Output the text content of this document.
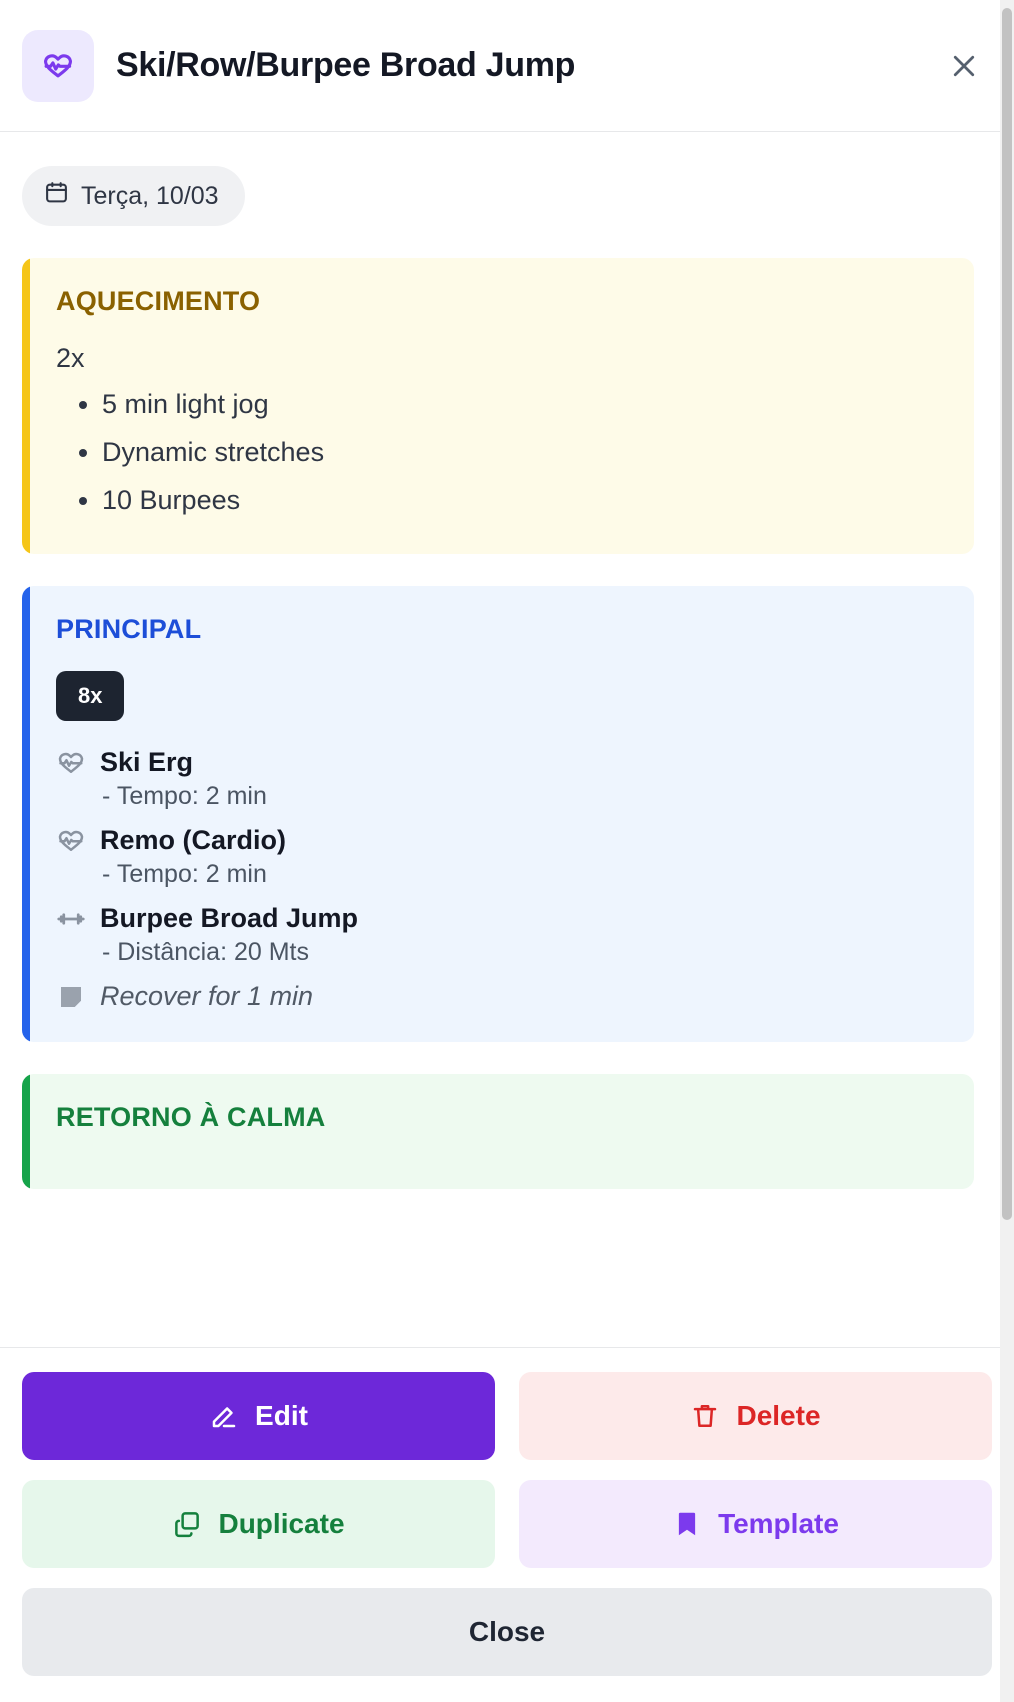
Ski/Row/Burpee Broad Jump
Terça, 10/03
AQUECIMENTO

2x

• 5 min light jog
• Dynamic stretches
• 10 Burpees
PRINCIPAL
8x
Ski Erg
- Tempo: 2 min
Remo (Cardio)
- Tempo: 2 min
Burpee Broad Jump
- Distância: 20 Mts
Recover for 1 min
RETORNO À CALMA
Edit	Delete
Duplicate	Template
Close
